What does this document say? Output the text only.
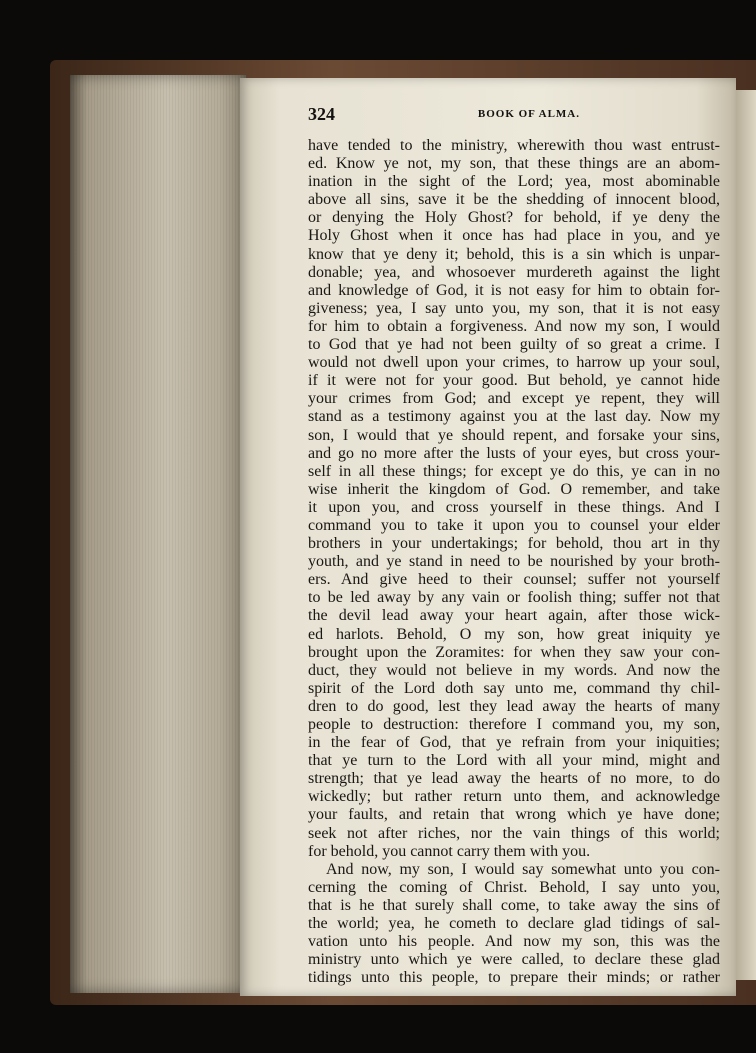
324	BOOK OF ALMA.
have tended to the ministry, wherewith thou wast entrust-
ed. Know ye not, my son, that these things are an abom-
ination in the sight of the Lord; yea, most abominable
above all sins, save it be the shedding of innocent blood,
or denying the Holy Ghost? for behold, if ye deny the
Holy Ghost when it once has had place in you, and ye
know that ye deny it; behold, this is a sin which is unpar-
donable; yea, and whosoever murdereth against the light
and knowledge of God, it is not easy for him to obtain for-
giveness; yea, I say unto you, my son, that it is not easy
for him to obtain a forgiveness. And now my son, I would
to God that ye had not been guilty of so great a crime. I
would not dwell upon your crimes, to harrow up your soul,
if it were not for your good. But behold, ye cannot hide
your crimes from God; and except ye repent, they will
stand as a testimony against you at the last day. Now my
son, I would that ye should repent, and forsake your sins,
and go no more after the lusts of your eyes, but cross your-
self in all these things; for except ye do this, ye can in no
wise inherit the kingdom of God. O remember, and take
it upon you, and cross yourself in these things. And I
command you to take it upon you to counsel your elder
brothers in your undertakings; for behold, thou art in thy
youth, and ye stand in need to be nourished by your broth-
ers. And give heed to their counsel; suffer not yourself
to be led away by any vain or foolish thing; suffer not that
the devil lead away your heart again, after those wick-
ed harlots. Behold, O my son, how great iniquity ye
brought upon the Zoramites: for when they saw your con-
duct, they would not believe in my words. And now the
spirit of the Lord doth say unto me, command thy chil-
dren to do good, lest they lead away the hearts of many
people to destruction: therefore I command you, my son,
in the fear of God, that ye refrain from your iniquities;
that ye turn to the Lord with all your mind, might and
strength; that ye lead away the hearts of no more, to do
wickedly; but rather return unto them, and acknowledge
your faults, and retain that wrong which ye have done;
seek not after riches, nor the vain things of this world;
for behold, you cannot carry them with you.
And now, my son, I would say somewhat unto you con-
cerning the coming of Christ. Behold, I say unto you,
that is he that surely shall come, to take away the sins of
the world; yea, he cometh to declare glad tidings of sal-
vation unto his people. And now my son, this was the
ministry unto which ye were called, to declare these glad
tidings unto this people, to prepare their minds; or rather
